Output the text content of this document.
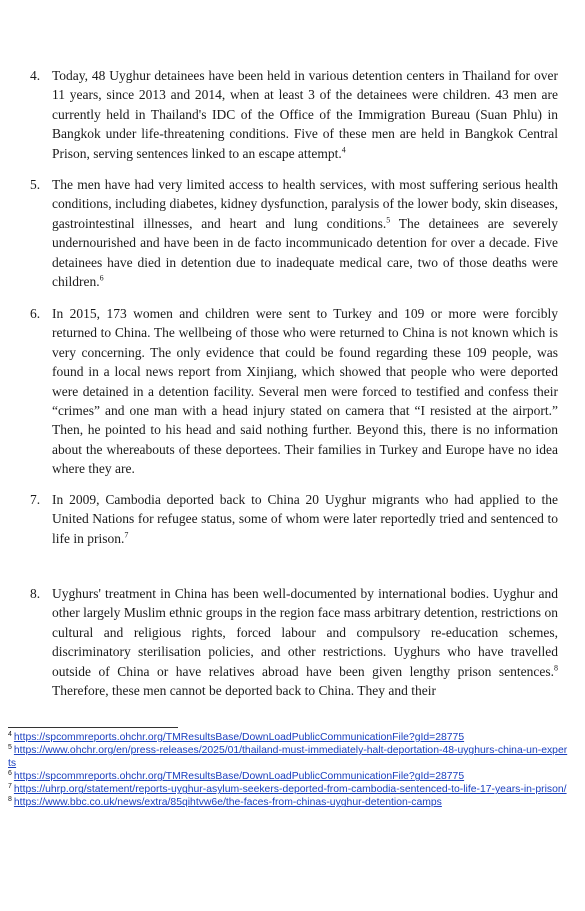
4. Today, 48 Uyghur detainees have been held in various detention centers in Thailand for over 11 years, since 2013 and 2014, when at least 3 of the detainees were children. 43 men are currently held in Thailand's IDC of the Office of the Immigration Bureau (Suan Phlu) in Bangkok under life-threatening conditions. Five of these men are held in Bangkok Central Prison, serving sentences linked to an escape attempt.$^4$
5. The men have had very limited access to health services, with most suffering serious health conditions, including diabetes, kidney dysfunction, paralysis of the lower body, skin diseases, gastrointestinal illnesses, and heart and lung conditions.$^5$ The detainees are severely undernourished and have been in de facto incommunicado detention for over a decade. Five detainees have died in detention due to inadequate medical care, two of those deaths were children.$^6$
6. In 2015, 173 women and children were sent to Turkey and 109 or more were forcibly returned to China. The wellbeing of those who were returned to China is not known which is very concerning. The only evidence that could be found regarding these 109 people, was found in a local news report from Xinjiang, which showed that people who were deported were detained in a detention facility. Several men were forced to testified and confess their “crimes” and one man with a head injury stated on camera that “I resisted at the airport.” Then, he pointed to his head and said nothing further. Beyond this, there is no information about the whereabouts of these deportees. Their families in Turkey and Europe have no idea where they are.
7. In 2009, Cambodia deported back to China 20 Uyghur migrants who had applied to the United Nations for refugee status, some of whom were later reportedly tried and sentenced to life in prison.$^7$
8. Uyghurs' treatment in China has been well-documented by international bodies. Uyghur and other largely Muslim ethnic groups in the region face mass arbitrary detention, restrictions on cultural and religious rights, forced labour and compulsory re-education schemes, discriminatory sterilisation policies, and other restrictions. Uyghurs who have travelled outside of China or have relatives abroad have been given lengthy prison sentences.$^8$ Therefore, these men cannot be deported back to China. They and their

$^4$ https://spcommreports.ohchr.org/TMResultsBase/DownLoadPublicCommunicationFile?gId=28775

$^5$ https://www.ohchr.org/en/press-releases/2025/01/thailand-must-immediately-halt-deportation-48-uyghurs-china-un-experts

$^6$ https://spcommreports.ohchr.org/TMResultsBase/DownLoadPublicCommunicationFile?gId=28775

$^7$ https://uhrp.org/statement/reports-uyghur-asylum-seekers-deported-from-cambodia-sentenced-to-life-17-years-in-prison/

$^8$ https://www.bbc.co.uk/news/extra/85qihtvw6e/the-faces-from-chinas-uyghur-detention-camps
